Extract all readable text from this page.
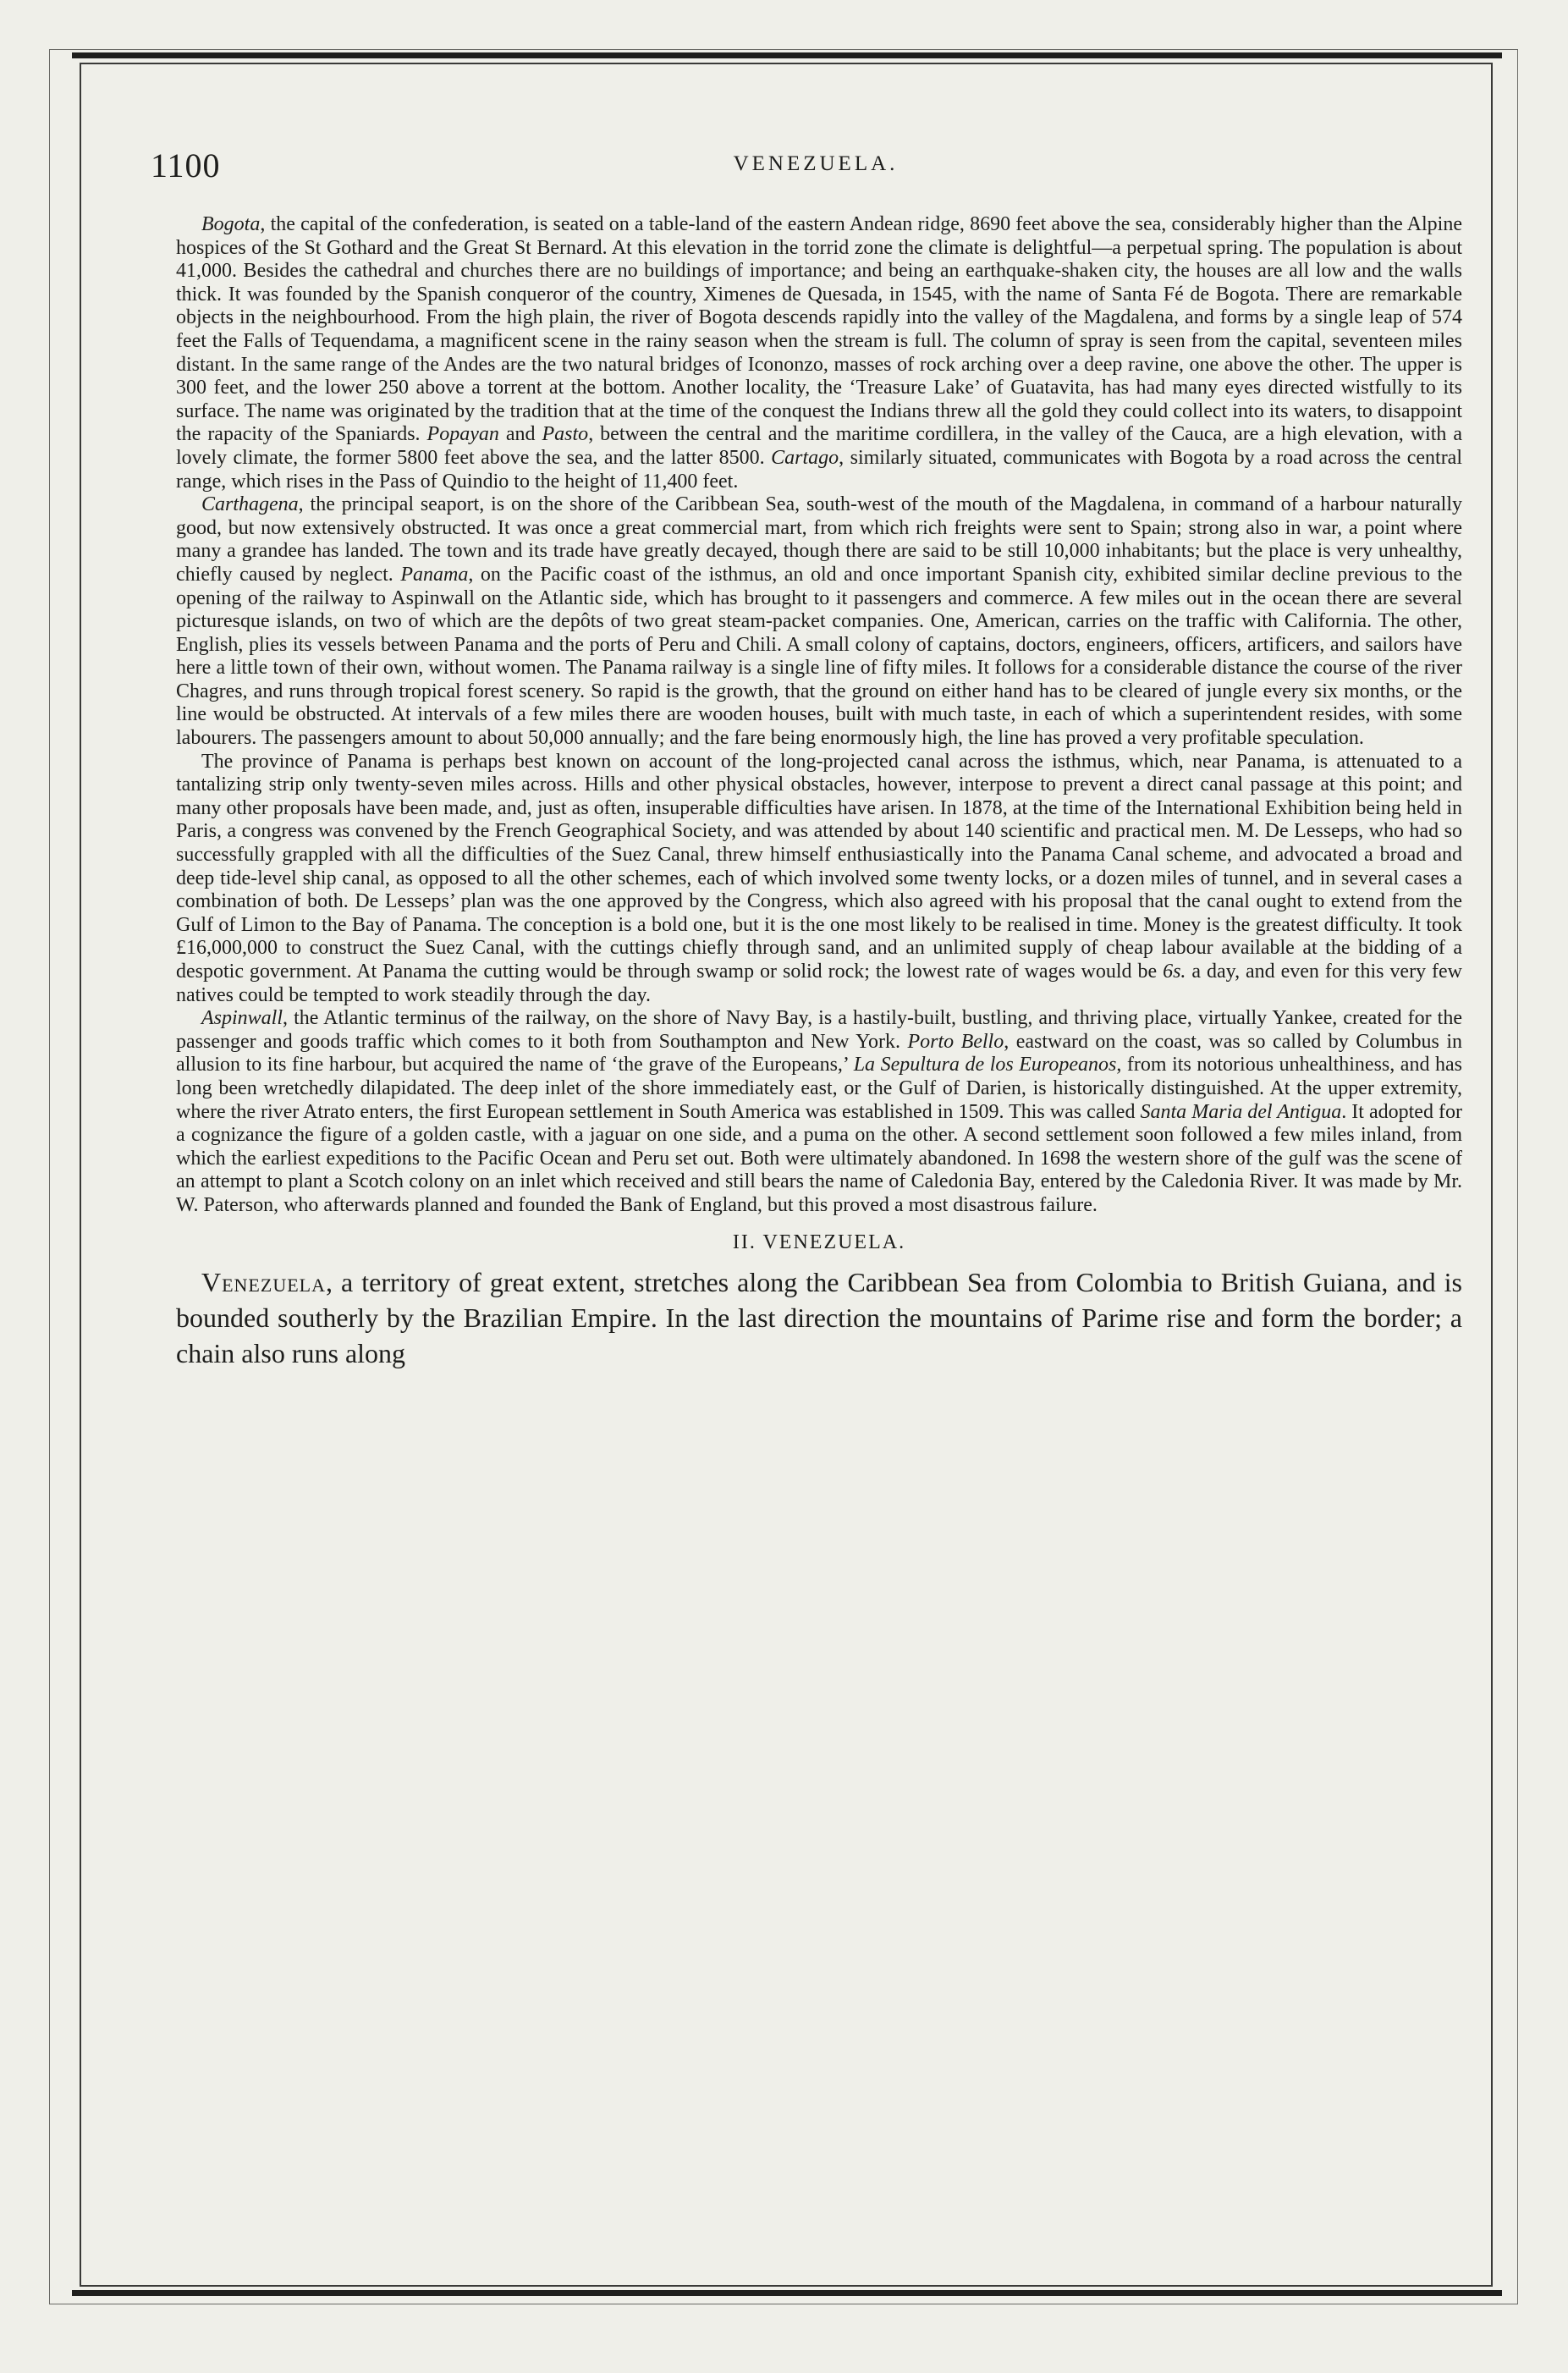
1100	VENEZUELA.

Bogota, the capital of the confederation, is seated on a table-land of the eastern Andean ridge, 8690 feet above the sea, considerably higher than the Alpine hospices of the St Gothard and the Great St Bernard. At this elevation in the torrid zone the climate is delightful—a perpetual spring. The population is about 41,000. Besides the cathedral and churches there are no buildings of importance; and being an earthquake-shaken city, the houses are all low and the walls thick. It was founded by the Spanish conqueror of the country, Ximenes de Quesada, in 1545, with the name of Santa Fé de Bogota. There are remarkable objects in the neighbourhood. From the high plain, the river of Bogota descends rapidly into the valley of the Magdalena, and forms by a single leap of 574 feet the Falls of Tequendama, a magnificent scene in the rainy season when the stream is full. The column of spray is seen from the capital, seventeen miles distant. In the same range of the Andes are the two natural bridges of Icononzo, masses of rock arching over a deep ravine, one above the other. The upper is 300 feet, and the lower 250 above a torrent at the bottom. Another locality, the ‘Treasure Lake’ of Guatavita, has had many eyes directed wistfully to its surface. The name was originated by the tradition that at the time of the conquest the Indians threw all the gold they could collect into its waters, to disappoint the rapacity of the Spaniards. Popayan and Pasto, between the central and the maritime cordillera, in the valley of the Cauca, are a high elevation, with a lovely climate, the former 5800 feet above the sea, and the latter 8500. Cartago, similarly situated, communicates with Bogota by a road across the central range, which rises in the Pass of Quindio to the height of 11,400 feet.

Carthagena, the principal seaport, is on the shore of the Caribbean Sea, south-west of the mouth of the Magdalena, in command of a harbour naturally good, but now extensively obstructed. It was once a great commercial mart, from which rich freights were sent to Spain; strong also in war, a point where many a grandee has landed. The town and its trade have greatly decayed, though there are said to be still 10,000 inhabitants; but the place is very unhealthy, chiefly caused by neglect. Panama, on the Pacific coast of the isthmus, an old and once important Spanish city, exhibited similar decline previous to the opening of the railway to Aspinwall on the Atlantic side, which has brought to it passengers and commerce. A few miles out in the ocean there are several picturesque islands, on two of which are the depôts of two great steam-packet companies. One, American, carries on the traffic with California. The other, English, plies its vessels between Panama and the ports of Peru and Chili. A small colony of captains, doctors, engineers, officers, artificers, and sailors have here a little town of their own, without women. The Panama railway is a single line of fifty miles. It follows for a considerable distance the course of the river Chagres, and runs through tropical forest scenery. So rapid is the growth, that the ground on either hand has to be cleared of jungle every six months, or the line would be obstructed. At intervals of a few miles there are wooden houses, built with much taste, in each of which a superintendent resides, with some labourers. The passengers amount to about 50,000 annually; and the fare being enormously high, the line has proved a very profitable speculation.

The province of Panama is perhaps best known on account of the long-projected canal across the isthmus, which, near Panama, is attenuated to a tantalizing strip only twenty-seven miles across. Hills and other physical obstacles, however, interpose to prevent a direct canal passage at this point; and many other proposals have been made, and, just as often, insuperable difficulties have arisen. In 1878, at the time of the International Exhibition being held in Paris, a congress was convened by the French Geographical Society, and was attended by about 140 scientific and practical men. M. De Lesseps, who had so successfully grappled with all the difficulties of the Suez Canal, threw himself enthusiastically into the Panama Canal scheme, and advocated a broad and deep tide-level ship canal, as opposed to all the other schemes, each of which involved some twenty locks, or a dozen miles of tunnel, and in several cases a combination of both. De Lesseps’ plan was the one approved by the Congress, which also agreed with his proposal that the canal ought to extend from the Gulf of Limon to the Bay of Panama. The conception is a bold one, but it is the one most likely to be realised in time. Money is the greatest difficulty. It took £16,000,000 to construct the Suez Canal, with the cuttings chiefly through sand, and an unlimited supply of cheap labour available at the bidding of a despotic government. At Panama the cutting would be through swamp or solid rock; the lowest rate of wages would be 6s. a day, and even for this very few natives could be tempted to work steadily through the day.

Aspinwall, the Atlantic terminus of the railway, on the shore of Navy Bay, is a hastily-built, bustling, and thriving place, virtually Yankee, created for the passenger and goods traffic which comes to it both from Southampton and New York. Porto Bello, eastward on the coast, was so called by Columbus in allusion to its fine harbour, but acquired the name of ‘the grave of the Europeans,’ La Sepultura de los Europeanos, from its notorious unhealthiness, and has long been wretchedly dilapidated. The deep inlet of the shore immediately east, or the Gulf of Darien, is historically distinguished. At the upper extremity, where the river Atrato enters, the first European settlement in South America was established in 1509. This was called Santa Maria del Antigua. It adopted for a cognizance the figure of a golden castle, with a jaguar on one side, and a puma on the other. A second settlement soon followed a few miles inland, from which the earliest expeditions to the Pacific Ocean and Peru set out. Both were ultimately abandoned. In 1698 the western shore of the gulf was the scene of an attempt to plant a Scotch colony on an inlet which received and still bears the name of Caledonia Bay, entered by the Caledonia River. It was made by Mr. W. Paterson, who afterwards planned and founded the Bank of England, but this proved a most disastrous failure.

II. VENEZUELA.

Venezuela, a territory of great extent, stretches along the Caribbean Sea from Colombia to British Guiana, and is bounded southerly by the Brazilian Empire. In the last direction the mountains of Parime rise and form the border; a chain also runs along
